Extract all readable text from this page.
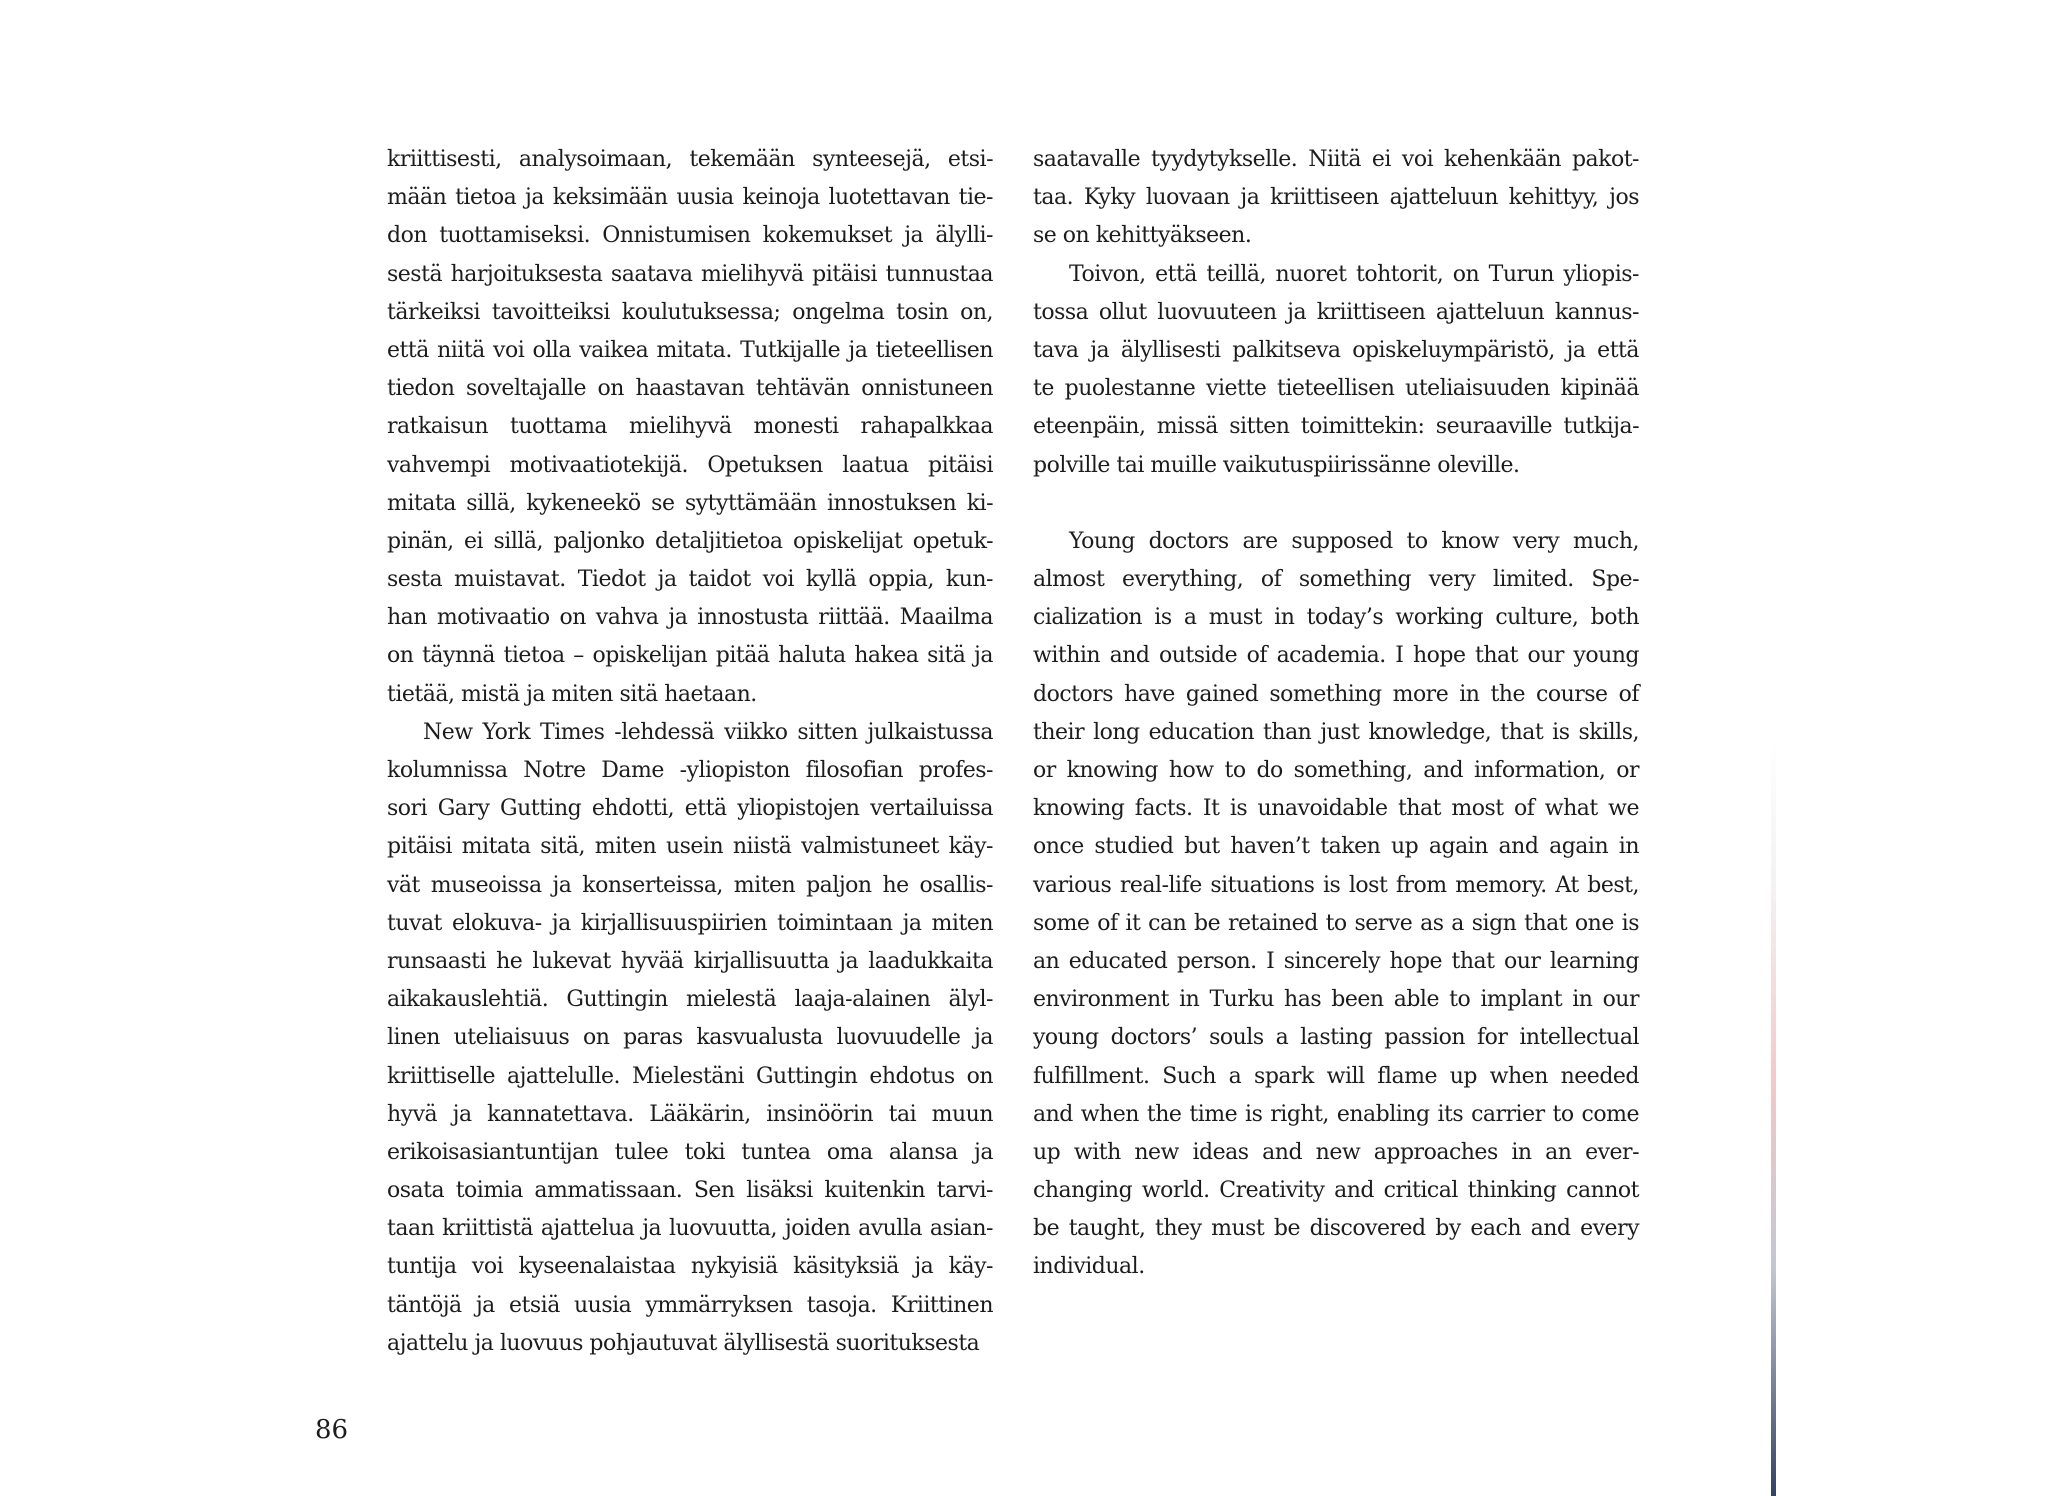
kriittisesti, analysoimaan, tekemään synteesejä, etsi-
mään tietoa ja keksimään uusia keinoja luotettavan tie-
don tuottamiseksi. Onnistumisen kokemukset ja älylli-
sestä harjoituksesta saatava mielihyvä pitäisi tunnustaa
tärkeiksi tavoitteiksi koulutuksessa; ongelma tosin on,
että niitä voi olla vaikea mitata. Tutkijalle ja tieteellisen
tiedon soveltajalle on haastavan tehtävän onnistuneen
ratkaisun tuottama mielihyvä monesti rahapalkkaa
vahvempi motivaatiotekijä. Opetuksen laatua pitäisi
mitata sillä, kykeneekö se sytyttämään innostuksen ki-
pinän, ei sillä, paljonko detaljitietoa opiskelijat opetuk-
sesta muistavat. Tiedot ja taidot voi kyllä oppia, kun-
han motivaatio on vahva ja innostusta riittää. Maailma
on täynnä tietoa – opiskelijan pitää haluta hakea sitä ja
tietää, mistä ja miten sitä haetaan.
New York Times -lehdessä viikko sitten julkaistussa
kolumnissa Notre Dame -yliopiston filosofian profes-
sori Gary Gutting ehdotti, että yliopistojen vertailuissa
pitäisi mitata sitä, miten usein niistä valmistuneet käy-
vät museoissa ja konserteissa, miten paljon he osallis-
tuvat elokuva- ja kirjallisuuspiirien toimintaan ja miten
runsaasti he lukevat hyvää kirjallisuutta ja laadukkaita
aikakauslehtiä. Guttingin mielestä laaja-alainen älyl-
linen uteliaisuus on paras kasvualusta luovuudelle ja
kriittiselle ajattelulle. Mielestäni Guttingin ehdotus on
hyvä ja kannatettava. Lääkärin, insinöörin tai muun
erikoisasiantuntijan tulee toki tuntea oma alansa ja
osata toimia ammatissaan. Sen lisäksi kuitenkin tarvi-
taan kriittistä ajattelua ja luovuutta, joiden avulla asian-
tuntija voi kyseenalaistaa nykyisiä käsityksiä ja käy-
täntöjä ja etsiä uusia ymmärryksen tasoja. Kriittinen
ajattelu ja luovuus pohjautuvat älyllisestä suorituksesta
saatavalle tyydytykselle. Niitä ei voi kehenkään pakot-
taa. Kyky luovaan ja kriittiseen ajatteluun kehittyy, jos
se on kehittyäkseen.
Toivon, että teillä, nuoret tohtorit, on Turun yliopis-
tossa ollut luovuuteen ja kriittiseen ajatteluun kannus-
tava ja älyllisesti palkitseva opiskeluympäristö, ja että
te puolestanne viette tieteellisen uteliaisuuden kipinää
eteenpäin, missä sitten toimittekin: seuraaville tutkija-
polville tai muille vaikutuspiirissänne oleville.
Young doctors are supposed to know very much,
almost everything, of something very limited. Spe-
cialization is a must in today’s working culture, both
within and outside of academia. I hope that our young
doctors have gained something more in the course of
their long education than just knowledge, that is skills,
or knowing how to do something, and information, or
knowing facts. It is unavoidable that most of what we
once studied but haven’t taken up again and again in
various real-life situations is lost from memory. At best,
some of it can be retained to serve as a sign that one is
an educated person. I sincerely hope that our learning
environment in Turku has been able to implant in our
young doctors’ souls a lasting passion for intellectual
fulfillment. Such a spark will flame up when needed
and when the time is right, enabling its carrier to come
up with new ideas and new approaches in an ever-
changing world. Creativity and critical thinking cannot
be taught, they must be discovered by each and every
individual.
86
